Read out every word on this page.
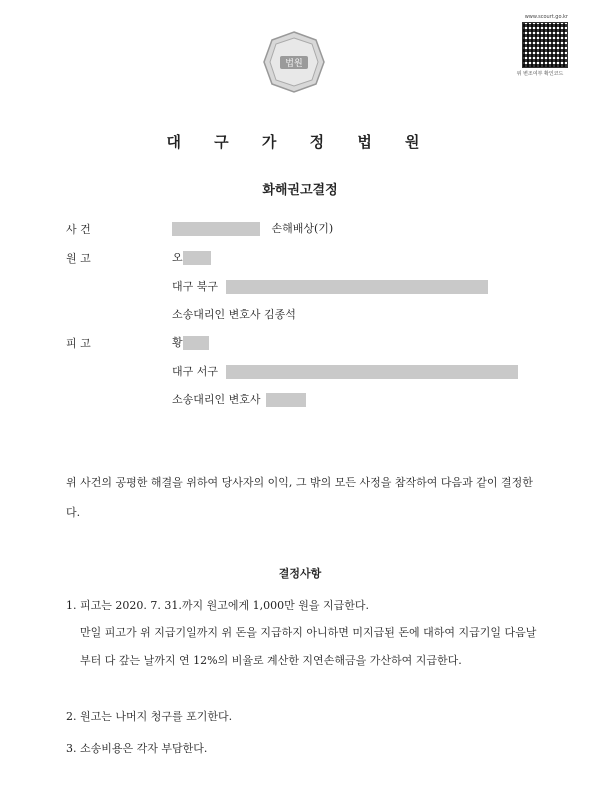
법원
www.scourt.go.kr
위 변조여부 확인코드
대 구 가 정 법 원
화해권고결정
사 건	손해배상(기)
원 고	오
대구 북구
소송대리인 변호사 김종석
피 고	황
대구 서구
소송대리인 변호사
위 사건의 공평한 해결을 위하여 당사자의 이익, 그 밖의 모든 사정을 참작하여 다음과 같이 결정한다.
결정사항
1. 피고는 2020. 7. 31.까지 원고에게 1,000만 원을 지급한다.
만일 피고가 위 지급기일까지 위 돈을 지급하지 아니하면 미지급된 돈에 대하여 지급기일 다음날부터 다 갚는 날까지 연 12%의 비율로 계산한 지연손해금을 가산하여 지급한다.
2. 원고는 나머지 청구를 포기한다.
3. 소송비용은 각자 부담한다.
